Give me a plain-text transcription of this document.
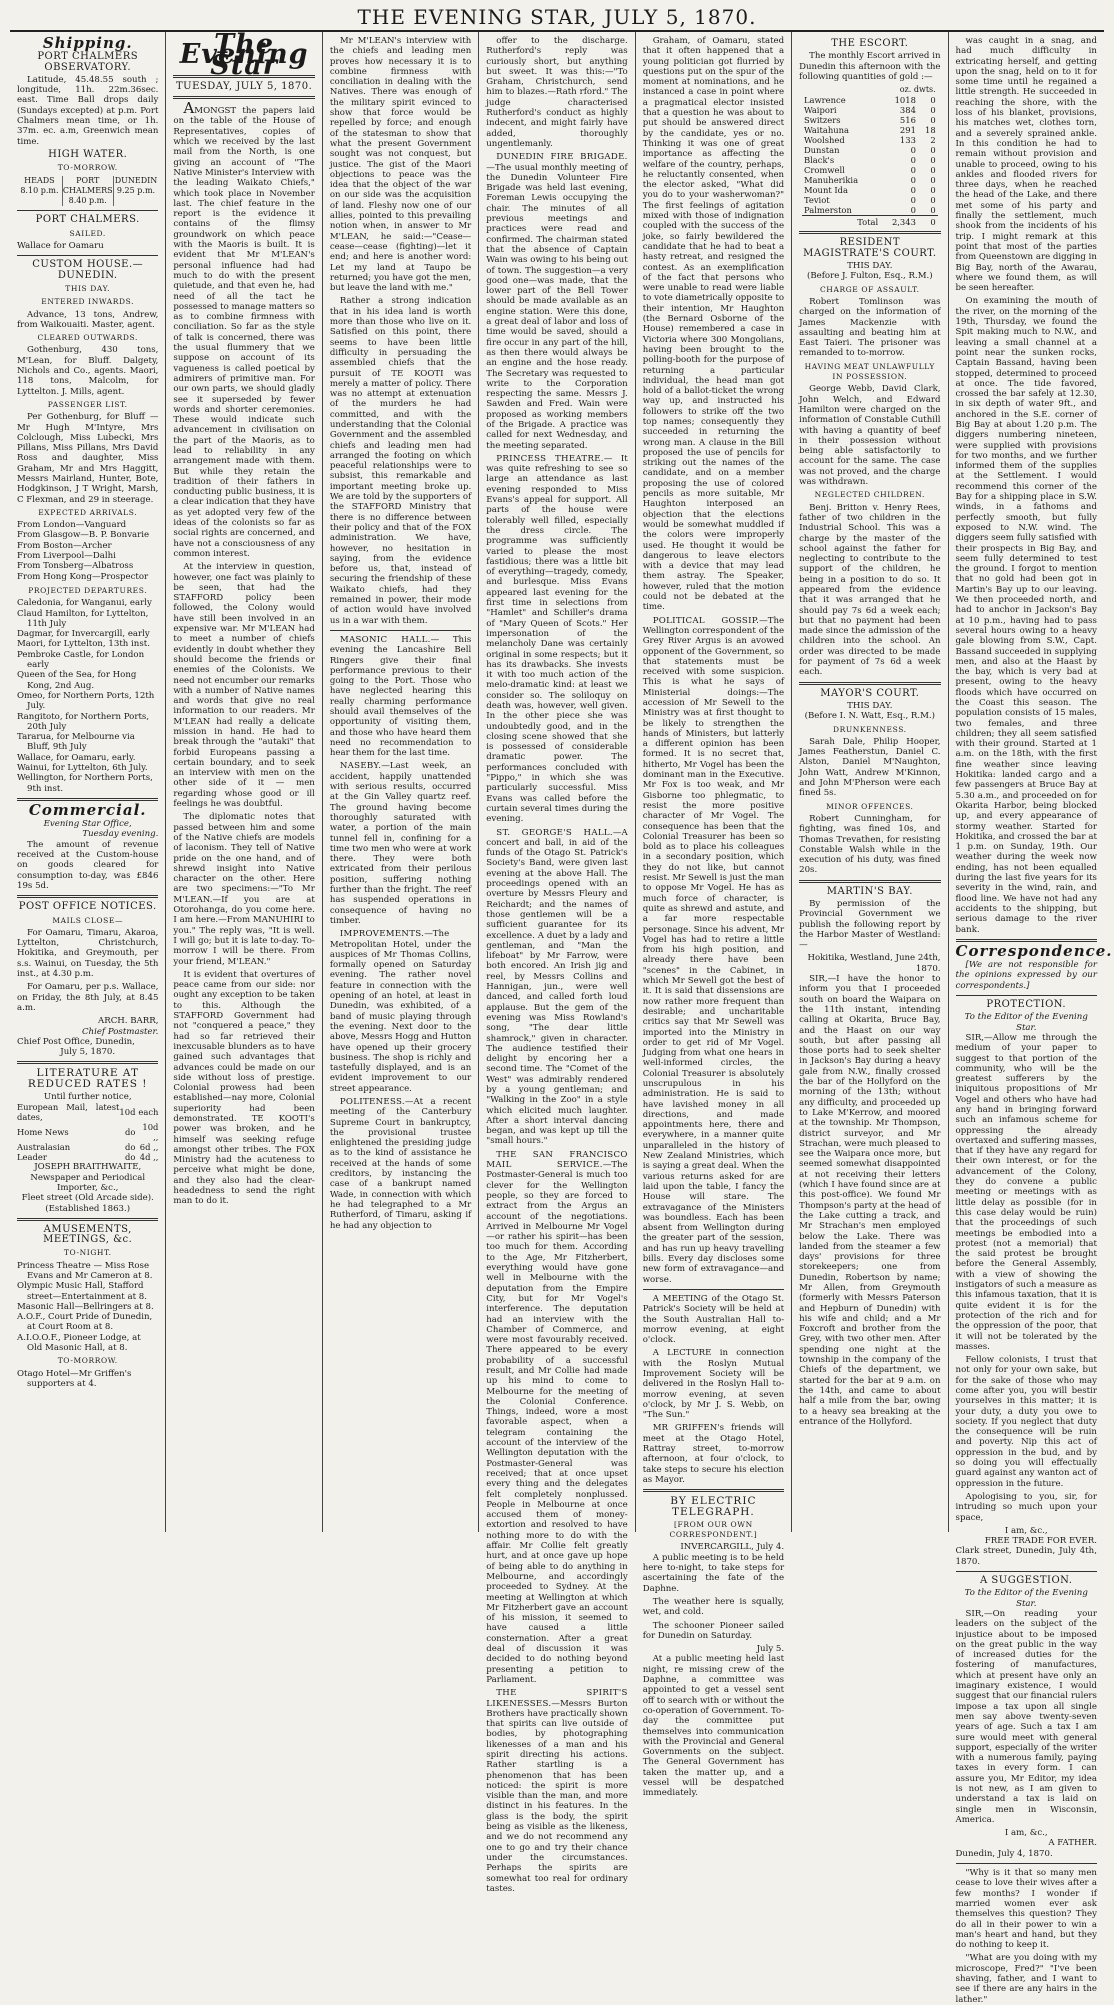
THE EVENING STAR, JULY 5, 1870.
Shipping.
PORT CHALMERS OBSERVATORY.
Latitude, 45.48.55 south ; longitude, 11h. 22m.36sec. east. Time Ball drops daily (Sundays excepted) at p.m. Port Chalmers mean time, or 1h. 37m. ec. a.m, Greenwich mean time.
HIGH WATER.
TO-MORROW.
HEADS 8.10 p.m.
PORT CHALMERS 8.40 p.m.
DUNEDIN 9.25 p.m.
PORT CHALMERS.
SAILED.
Wallace for Oamaru
CUSTOM HOUSE.—DUNEDIN.
THIS DAY.
ENTERED INWARDS.
Advance, 13 tons, Andrew, from Waikouaiti. Master, agent.
CLEARED OUTWARDS.
Gothenburg, 430 tons, M'Lean, for Bluff. Dalgety, Nichols and Co., agents. Maori, 118 tons, Malcolm, for Lyttelton. J. Mills, agent.
PASSENGER LIST.
Per Gothenburg, for Bluff — Mr Hugh M'Intyre, Mrs Colclough, Miss Lubecki, Mrs Pillans, Miss Pillans, Mrs David Ross and daughter, Miss Graham, Mr and Mrs Haggitt, Messrs Mairland, Hunter, Bote, Hodgkinson, J T Wright, Marsh, C Flexman, and 29 in steerage.
EXPECTED ARRIVALS.
From London—Vanguard
From Glasgow—B. P. Bonvarie
From Boston—Archer
From Liverpool—Dalhi
From Tonsberg—Albatross
From Hong Kong—Prospector
PROJECTED DEPARTURES.
Caledonia, for Wanganui, early
Claud Hamilton, for Lyttelton, 11th July
Dagmar, for Invercargill, early
Maori, for Lyttelton, 13th inst.
Pembroke Castle, for London early
Queen of the Sea, for Hong Kong, 2nd Aug.
Omeo, for Northern Ports, 12th July.
Rangitoto, for Northern Ports, 20th July
Tararua, for Melbourne via Bluff, 9th July
Wallace, for Oamaru, early.
Wainui, for Lyttelton, 6th July.
Wellington, for Northern Ports, 9th inst.
Commercial.
Evening Star Office,
Tuesday evening.
The amount of revenue received at the Custom-house on goods cleared for consumption to-day, was £846 19s 5d.
POST OFFICE NOTICES.
MAILS CLOSE—
For Oamaru, Timaru, Akaroa, Lyttelton, Christchurch, Hokitika, and Greymouth, per s.s. Wainui, on Tuesday, the 5th inst., at 4.30 p.m.
For Oamaru, per p.s. Wallace, on Friday, the 8th July, at 8.45 a.m.
ARCH. BARR,
Chief Postmaster.
Chief Post Office, Dunedin,
July 5, 1870.
LITERATURE AT REDUCED RATES !
Until further notice,
European Mail, latest dates,	10d	each
Home News	do	10d ,,
Australasian	do	6d ,,
Leader	do	4d ,,
JOSEPH BRAITHWAITE,
Newspaper and Periodical Importer, &c.,
Fleet street (Old Arcade side).
(Established 1863.)
AMUSEMENTS, MEETINGS, &c.
TO-NIGHT.
Princess Theatre — Miss Rose Evans and Mr Cameron at 8.
Olympic Music Hall, Stafford street—Entertainment at 8.
Masonic Hall—Bellringers at 8.
A.O.F., Court Pride of Dunedin, at Court Room at 8.
A.I.O.O.F., Pioneer Lodge, at Old Masonic Hall, at 8.
TO-MORROW.
Otago Hotel—Mr Griffen's supporters at 4.
The Evening Star
TUESDAY, JULY 5, 1870.
AMONGST the papers laid on the table of the House of Representatives, copies of which we received by the last mail from the North, is one giving an account of "The Native Minister's Interview with the leading Waikato Chiefs," which took place in November last. The chief feature in the report is the evidence it contains of the flimsy groundwork on which peace with the Maoris is built. It is evident that Mr M'LEAN's personal influence had had much to do with the present quietude, and that even he, had need of all the tact he possessed to manage matters so as to combine firmness with conciliation. So far as the style of talk is concerned, there was the usual flummery that we suppose on account of its vagueness is called poetical by admirers of primitive man. For our own parts, we should gladly see it superseded by fewer words and shorter ceremonies. These would indicate such advancement in civilisation on the part of the Maoris, as to lead to reliability in any arrangement made with them. But while they retain the tradition of their fathers in conducting public business, it is a clear indication that they have as yet adopted very few of the ideas of the colonists so far as social rights are concerned, and have not a consciousness of any common interest.
At the interview in question, however, one fact was plainly to be seen, that had the STAFFORD policy been followed, the Colony would have still been involved in an expensive war. Mr M'LEAN had to meet a number of chiefs evidently in doubt whether they should become the friends or enemies of the Colonists. We need not encumber our remarks with a number of Native names and words that give no real information to our readers. Mr M'LEAN had really a delicate mission in hand. He had to break through the "autaki" that forbid Europeans passing a certain boundary, and to seek an interview with men on the other side of it — men regarding whose good or ill feelings he was doubtful.
The diplomatic notes that passed between him and some of the Native chiefs are models of laconism. They tell of Native pride on the one hand, and of shrewd insight into Native character on the other. Here are two specimens:—"To Mr M'LEAN.—If you are at Otorohanga, do you come here. I am here.—From MANUHIRI to you." The reply was, "It is well. I will go; but it is late to-day. To-morrow I will be there. From your friend, M'LEAN."
It is evident that overtures of peace came from our side: nor ought any exception to be taken to this. Although the STAFFORD Government had not "conquered a peace," they had so far retrieved their inexcusable blunders as to have gained such advantages that advances could be made on our side without loss of prestige. Colonial prowess had been established—nay more, Colonial superiority had been demonstrated. TE KOOTI's power was broken, and he himself was seeking refuge amongst other tribes. The FOX Ministry had the acuteness to perceive what might be done, and they also had the clear-headedness to send the right man to do it.
Mr M'LEAN's interview with the chiefs and leading men proves how necessary it is to combine firmness with conciliation in dealing with the Natives. There was enough of the military spirit evinced to show that force would be repelled by force; and enough of the statesman to show that what the present Government sought was not conquest, but justice. The gist of the Maori objections to peace was the idea that the object of the war on our side was the acquisition of land. Fleshy now one of our allies, pointed to this prevailing notion when, in answer to Mr M'LEAN, he said:—"Cease—cease—cease (fighting)—let it end; and here is another word: Let my land at Taupo be returned; you have got the men, but leave the land with me."
Rather a strong indication that in his idea land is worth more than those who live on it. Satisfied on this point, there seems to have been little difficulty in persuading the assembled chiefs that the pursuit of TE KOOTI was merely a matter of policy. There was no attempt at extenuation of the murders he had committed, and with the understanding that the Colonial Government and the assembled chiefs and leading men had arranged the footing on which peaceful relationships were to subsist, this remarkable and important meeting broke up. We are told by the supporters of the STAFFORD Ministry that there is no difference between their policy and that of the FOX administration. We have, however, no hesitation in saying, from the evidence before us, that, instead of securing the friendship of these Waikato chiefs, had they remained in power, their mode of action would have involved us in a war with them.
MASONIC HALL.— This evening the Lancashire Bell Ringers give their final performance previous to their going to the Port. Those who have neglected hearing this really charming performance should avail themselves of the opportunity of visiting them, and those who have heard them need no recommendation to hear them for the last time.
NASEBY.—Last week, an accident, happily unattended with serious results, occurred at the Gin Valley quartz reef. The ground having become thoroughly saturated with water, a portion of the main tunnel fell in, confining for a time two men who were at work there. They were both extricated from their perilous position, suffering nothing further than the fright. The reef has suspended operations in consequence of having no timber.
IMPROVEMENTS.—The Metropolitan Hotel, under the auspices of Mr Thomas Collins, formally opened on Saturday evening. The rather novel feature in connection with the opening of an hotel, at least in Dunedin, was exhibited, of a band of music playing through the evening. Next door to the above, Messrs Hogg and Hutton have opened up their grocery business. The shop is richly and tastefully displayed, and is an evident improvement to our street appearance.
POLITENESS.—At a recent meeting of the Canterbury Supreme Court in bankruptcy, the provisional trustee enlightened the presiding judge as to the kind of assistance he received at the hands of some creditors, by instancing the case of a bankrupt named Wade, in connection with which he had telegraphed to a Mr Rutherford, of Timaru, asking if he had any objection to
offer to the discharge. Rutherford's reply was curiously short, but anything but sweet. It was this:—"To Graham, Christchurch, send him to blazes.—Rath rford." The judge characterised Rutherford's conduct as highly indecent, and might fairly have added, thoroughly ungentlemanly.
DUNEDIN FIRE BRIGADE.—The usual monthly meeting of the Dunedin Volunteer Fire Brigade was held last evening, Foreman Lewis occupying the chair. The minutes of all previous meetings and practices were read and confirmed. The chairman stated that the absence of Captain Wain was owing to his being out of town. The suggestion—a very good one—was made, that the lower part of the Bell Tower should be made available as an engine station. Were this done, a great deal of labor and loss of time would be saved, should a fire occur in any part of the hill, as then there would always be an engine and the hose ready. The Secretary was requested to write to the Corporation respecting the same. Messrs J. Sawden and Fred. Wain were proposed as working members of the Brigade. A practice was called for next Wednesday, and the meeting separated.
PRINCESS THEATRE.— It was quite refreshing to see so large an attendance as last evening responded to Miss Evans's appeal for support. All parts of the house were tolerably well filled, especially the dress circle. The programme was sufficiently varied to please the most fastidious; there was a little bit of everything—tragedy, comedy, and burlesque. Miss Evans appeared last evening for the first time in selections from "Hamlet" and Schiller's drama of "Mary Queen of Scots." Her impersonation of the melancholy Dane was certainly original in some respects; but it has its drawbacks. She invests it with too much action of the melo-dramatic kind: at least we consider so. The soliloquy on death was, however, well given. In the other piece she was undoubtedly good, and in the closing scene showed that she is possessed of considerable dramatic power. The performances concluded with "Pippo," in which she was particularly successful. Miss Evans was called before the curtain several times during the evening.
ST. GEORGE'S HALL.—A concert and ball, in aid of the funds of the Otago St. Patrick's Society's Band, were given last evening at the above Hall. The proceedings opened with an overture by Messrs Fleury and Reichardt; and the names of those gentlemen will be a sufficient guarantee for its excellence. A duet by a lady and gentleman, and "Man the lifeboat" by Mr Farrow, were both encored. An Irish jig and reel, by Messrs Collins and Hannigan, jun., were well danced, and called forth loud applause. But the gem of the evening was Miss Rowland's song, "The dear little shamrock," given in character. The audience testified their delight by encoring her a second time. The "Comet of the West" was admirably rendered by a young gentleman; and "Walking in the Zoo" in a style which elicited much laughter. After a short interval dancing began, and was kept up till the "small hours."
THE SAN FRANCISCO MAIL SERVICE.—The Postmaster-General is much too clever for the Wellington people, so they are forced to extract from the Argus an account of the negotiations. Arrived in Melbourne Mr Vogel—or rather his spirit—has been too much for them. According to the Age, Mr Fitzherbert, everything would have gone well in Melbourne with the deputation from the Empire City, but for Mr Vogel's interference. The deputation had an interview with the Chamber of Commerce, and were most favourably received. There appeared to be every probability of a successful result, and Mr Collie had made up his mind to come to Melbourne for the meeting of the Colonial Conference. Things, indeed, wore a most favorable aspect, when a telegram containing the account of the interview of the Wellington deputation with the Postmaster-General was received; that at once upset every thing and the delegates felt completely nonplussed. People in Melbourne at once accused them of money-extortion and resolved to have nothing more to do with the affair. Mr Collie felt greatly hurt, and at once gave up hope of being able to do anything in Melbourne, and accordingly proceeded to Sydney. At the meeting at Wellington at which Mr Fitzherbert gave an account of his mission, it seemed to have caused a little consternation. After a great deal of discussion it was decided to do nothing beyond presenting a petition to Parliament.
THE SPIRIT'S LIKENESSES.—Messrs Burton Brothers have practically shown that spirits can live outside of bodies, by photographing likenesses of a man and his spirit directing his actions. Rather startling is a phenomenon that has been noticed: the spirit is more visible than the man, and more distinct in his features. In the glass is the body, the spirit being as visible as the likeness, and we do not recommend any one to go and try their chance under the circumstances. Perhaps the spirits are somewhat too real for ordinary tastes.
Graham, of Oamaru, stated that it often happened that a young politician got flurried by questions put on the spur of the moment at nominations, and he instanced a case in point where a pragmatical elector insisted that a question he was about to put should be answered direct by the candidate, yes or no. Thinking it was one of great importance as affecting the welfare of the country, perhaps, he reluctantly consented, when the elector asked, "What did you do to your washerwoman?" The first feelings of agitation mixed with those of indignation coupled with the success of the joke, so fairly bewildered the candidate that he had to beat a hasty retreat, and resigned the contest. As an exemplification of the fact that persons who were unable to read were liable to vote diametrically opposite to their intention, Mr Haughton (the Bernard Osborne of the House) remembered a case in Victoria where 300 Mongolians, having been brought to the polling-booth for the purpose of returning a particular individual, the head man got hold of a ballot-ticket the wrong way up, and instructed his followers to strike off the two top names; consequently they succeeded in returning the wrong man. A clause in the Bill proposed the use of pencils for striking out the names of the candidate, and on a member proposing the use of colored pencils as more suitable, Mr Haughton interposed an objection that the elections would be somewhat muddled if the colors were improperly used. He thought it would be dangerous to leave electors with a device that may lead them astray. The Speaker, however, ruled that the motion could not be debated at the time.
POLITICAL GOSSIP.—The Wellington correspondent of the Grey River Argus is an avowed opponent of the Government, so that statements must be received with some suspicion. This is what he says of Ministerial doings:—The accession of Mr Sewell to the Ministry was at first thought to be likely to strengthen the hands of Ministers, but latterly a different opinion has been formed. It is no secret that, hitherto, Mr Vogel has been the dominant man in the Executive. Mr Fox is too weak, and Mr Gisborne too phlegmatic, to resist the more positive character of Mr Vogel. The consequence has been that the Colonial Treasurer has been so bold as to place his colleagues in a secondary position, which they do not like, but cannot resist. Mr Sewell is just the man to oppose Mr Vogel. He has as much force of character, is quite as shrewd and astute, and a far more respectable personage. Since his advent, Mr Vogel has had to retire a little from his high position, and already there have been "scenes" in the Cabinet, in which Mr Sewell got the best of it. It is said that dissensions are now rather more frequent than desirable; and uncharitable critics say that Mr Sewell was imported into the Ministry in order to get rid of Mr Vogel. Judging from what one hears in well-informed circles, the Colonial Treasurer is absolutely unscrupulous in his administration. He is said to have lavished money in all directions, and made appointments here, there and everywhere, in a manner quite unparalleled in the history of New Zealand Ministries, which is saying a great deal. When the various returns asked for are laid upon the table, I fancy the House will stare. The extravagance of the Ministers was boundless. Each has been absent from Wellington during the greater part of the session, and has run up heavy travelling bills. Every day discloses some new form of extravagance—and worse.
A MEETING of the Otago St. Patrick's Society will be held at the South Australian Hall to-morrow evening, at eight o'clock.
A LECTURE in connection with the Roslyn Mutual Improvement Society will be delivered in the Roslyn Hall to-morrow evening, at seven o'clock, by Mr J. S. Webb, on "The Sun."
MR GRIFFEN's friends will meet at the Otago Hotel, Rattray street, to-morrow afternoon, at four o'clock, to take steps to secure his election as Mayor.
BY ELECTRIC TELEGRAPH.
[FROM OUR OWN CORRESPONDENT.]
INVERCARGILL, July 4.
A public meeting is to be held here to-night, to take steps for ascertaining the fate of the Daphne.
The weather here is squally, wet, and cold.
The schooner Pioneer sailed for Dunedin on Saturday.
July 5.
At a public meeting held last night, re missing crew of the Daphne, a committee was appointed to get a vessel sent off to search with or without the co-operation of Government. To-day the committee put themselves into communication with the Provincial and General Governments on the subject. The General Government has taken the matter up, and a vessel will be despatched immediately.
THE ESCORT.
The monthly Escort arrived in Dunedin this afternoon with the following quantities of gold :—
	oz. dwts.	
Lawrence	1018	0
Waipori	384	0
Switzers	516	0
Waitahuna	291	18
Woolshed	133	2
Dunstan	0	0
Black's	0	0
Cromwell	0	0
Manuherikia	0	0
Mount Ida	0	0
Teviot	0	0
Palmerston	0	0
Total	2,343	0
RESIDENT MAGISTRATE'S COURT.
THIS DAY.
(Before J. Fulton, Esq., R.M.)
CHARGE OF ASSAULT.
Robert Tomlinson was charged on the information of James Mackenzie with assaulting and beating him at East Taieri. The prisoner was remanded to to-morrow.
HAVING MEAT UNLAWFULLY IN POSSESSION.
George Webb, David Clark, John Welch, and Edward Hamilton were charged on the information of Constable Cuthill with having a quantity of beef in their possession without being able satisfactorily to account for the same. The case was not proved, and the charge was withdrawn.
NEGLECTED CHILDREN.
Benj. Britton v. Henry Rees, father of two children in the Industrial School. This was a charge by the master of the school against the father for neglecting to contribute to the support of the children, he being in a position to do so. It appeared from the evidence that it was arranged that he should pay 7s 6d a week each; but that no payment had been made since the admission of the children into the school. An order was directed to be made for payment of 7s 6d a week each.
MAYOR'S COURT.
THIS DAY.
(Before I. N. Watt, Esq., R.M.)
DRUNKENNESS.
Sarah Dale, Philip Hooper, James Featherstun, Daniel C. Alston, Daniel M'Naughton, John Watt, Andrew M'Kinnon, and John M'Pherson were each fined 5s.
MINOR OFFENCES.
Robert Cunningham, for fighting, was fined 10s, and Thomas Trevathen, for resisting Constable Walsh while in the execution of his duty, was fined 20s.
MARTIN'S BAY.
By permission of the Provincial Government we publish the following report by the Harbor Master of Westland:—
Hokitika, Westland, June 24th, 1870.
SIR,—I have the honor to inform you that I proceeded south on board the Waipara on the 11th instant, intending calling at Okarita, Bruce Bay, and the Haast on our way south, but after passing all those ports had to seek shelter in Jackson's Bay during a heavy gale from N.W., finally crossed the bar of the Hollyford on the morning of the 13th; without any difficulty, and proceeded up to Lake M'Kerrow, and moored at the township. Mr Thompson, district surveyor, and Mr Strachan, were much pleased to see the Waipara once more, but seemed somewhat disappointed at not receiving their letters (which I have found since are at this post-office). We found Mr Thompson's party at the head of the Lake cutting a track, and Mr Strachan's men employed below the Lake. There was landed from the steamer a few days' provisions for three storekeepers; one from Dunedin, Robertson by name; Mr Allen, from Greymouth (formerly with Messrs Paterson and Hepburn of Dunedin) with his wife and child; and a Mr Foxcroft and brother from the Grey, with two other men. After spending one night at the township in the company of the Chiefs of the department, we started for the bar at 9 a.m. on the 14th, and came to about half a mile from the bar, owing to a heavy sea breaking at the entrance of the Hollyford.
was caught in a snag, and had much difficulty in extricating herself, and getting upon the snag, held on to it for some time until he regained a little strength. He succeeded in reaching the shore, with the loss of his blanket, provisions, his matches wet, clothes torn, and a severely sprained ankle. In this condition he had to remain without provision and unable to proceed, owing to his ankles and flooded rivers for three days, when he reached the head of the Lake, and there met some of his party and finally the settlement, much shook from the incidents of his trip. I might remark at this point that most of the parties from Queenstown are digging in Big Bay, north of the Awarau, where we found them, as will be seen hereafter.
On examining the mouth of the river, on the morning of the 19th, Thursday, we found the Spit making much to N.W., and leaving a small channel at a point near the sunken rocks, Captain Bassand, having been stopped, determined to proceed at once. The tide favored, crossed the bar safely at 12.30, in six depth of water 9ft., and anchored in the S.E. corner of Big Bay at about 1.20 p.m. The diggers numbering nineteen, were supplied with provisions for two months, and we further informed them of the supplies at the Settlement. I would recommend this corner of the Bay for a shipping place in S.W. winds, in a fathoms and perfectly smooth, but fully exposed to N.W. wind. The diggers seem fully satisfied with their prospects in Big Bay, and seem fully determined to test the ground. I forgot to mention that no gold had been got in Martin's Bay up to our leaving. We then proceeded north, and had to anchor in Jackson's Bay at 10 p.m., having had to pass several hours owing to a heavy gale blowing from S.W., Capt. Bassand succeeded in supplying men, and also at the Haast by the bay, which is very bad at present, owing to the heavy floods which have occurred on the Coast this season. The population consists of 15 males, two females, and three children; they all seem satisfied with their ground. Started at 1 a.m. on the 18th, with the first fine weather since leaving Hokitika: landed cargo and a few passengers at Bruce Bay at 5.30 a.m., and proceeded on for Okarita Harbor, being blocked up, and every appearance of stormy weather. Started for Hokitika, and crossed the bar at 1 p.m. on Sunday, 19th. Our weather during the week now ending, has not been equalled during the last five years for its severity in the wind, rain, and flood line. We have not had any accidents to the shipping, but serious damage to the river bank.
Correspondence.
[We are not responsible for the opinions expressed by our correspondents.]
PROTECTION.
To the Editor of the Evening Star.
SIR,—Allow me through the medium of your paper to suggest to that portion of the community, who will be the greatest sufferers by the iniquitous propositions of Mr Vogel and others who have had any hand in bringing forward such an infamous scheme for oppressing the already overtaxed and suffering masses, that if they have any regard for their own interest, or for the advancement of the Colony, they do convene a public meeting or meetings with as little delay as possible (for in this case delay would be ruin) that the proceedings of such meetings be embodied into a protest (not a memorial) that the said protest be brought before the General Assembly, with a view of showing the instigators of such a measure as this infamous taxation, that it is quite evident it is for the protection of the rich and for the oppression of the poor, that it will not be tolerated by the masses.
Fellow colonists, I trust that not only for your own sake, but for the sake of those who may come after you, you will bestir yourselves in this matter; it is your duty, a duty you owe to society. If you neglect that duty the consequence will be ruin and poverty. Nip this act of oppression in the bud, and by so doing you will effectually guard against any wanton act of oppression in the future.
Apologising to you, sir, for intruding so much upon your space,
I am, &c.,
FREE TRADE FOR EVER.
Clark street, Dunedin, July 4th, 1870.
A SUGGESTION.
To the Editor of the Evening Star.
SIR,—On reading your leaders on the subject of the injustice about to be imposed on the great public in the way of increased duties for the fostering of manufactures, which at present have only an imaginary existence, I would suggest that our financial rulers impose a tax upon all single men say above twenty-seven years of age. Such a tax I am sure would meet with general support, especially of the writer with a numerous family, paying taxes in every form. I can assure you, Mr Editor, my idea is not new, as I am given to understand a tax is laid on single men in Wisconsin, America.
I am, &c.,
A FATHER.
Dunedin, July 4, 1870.
"Why is it that so many men cease to love their wives after a few months? I wonder if married women ever ask themselves this question? They do all in their power to win a man's heart and hand, but they do nothing to keep it.
"What are you doing with my microscope, Fred?" "I've been shaving, father, and I want to see if there are any hairs in the lather."
